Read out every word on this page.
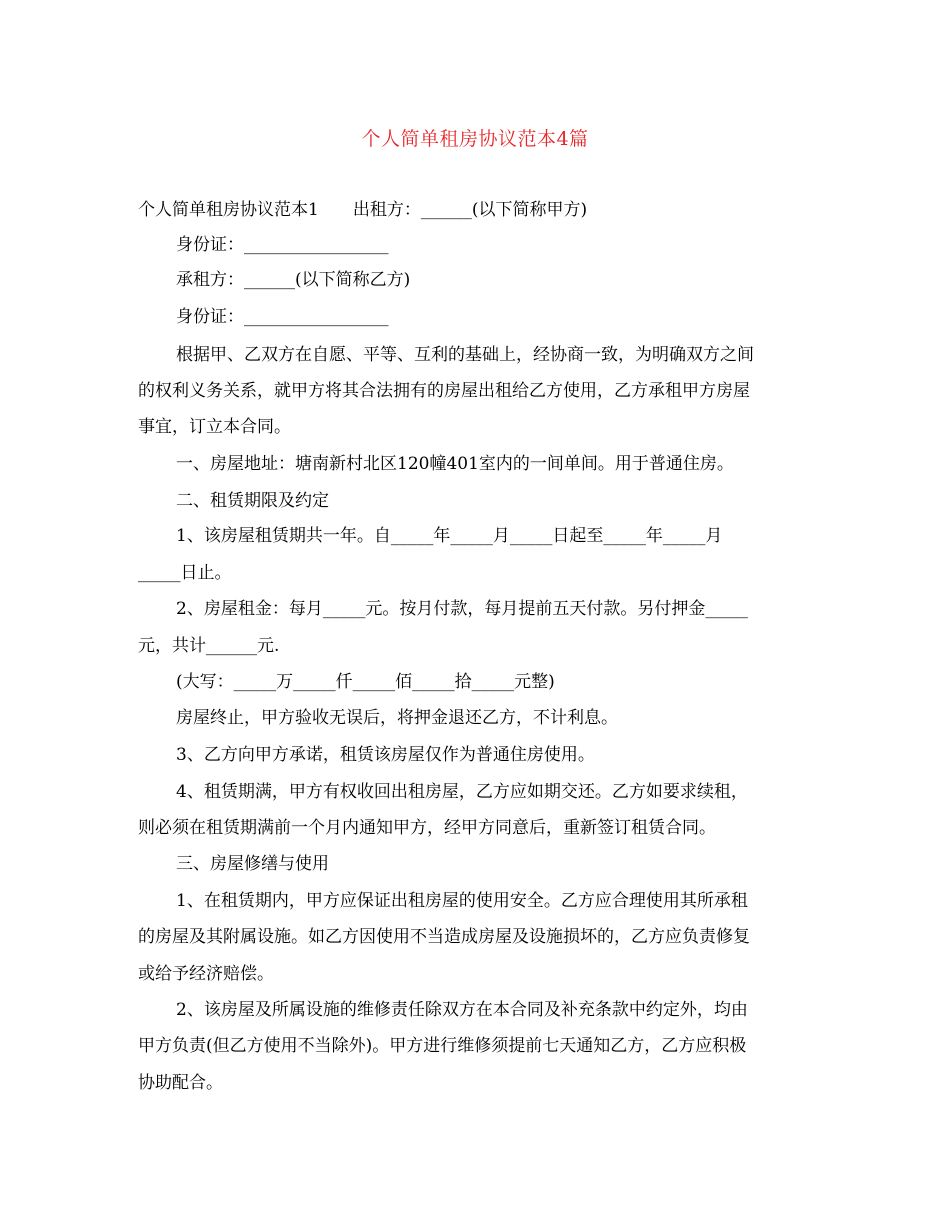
个人简单租房协议范本4篇
个人简单租房协议范本1　　出租方：______(以下简称甲方)
身份证：_________________
承租方：______(以下简称乙方)
身份证：_________________
根据甲、乙双方在自愿、平等、互利的基础上，经协商一致，为明确双方之间
的权利义务关系，就甲方将其合法拥有的房屋出租给乙方使用，乙方承租甲方房屋
事宜，订立本合同。
一、房屋地址：塘南新村北区120幢401室内的一间单间。用于普通住房。
二、租赁期限及约定
1、该房屋租赁期共一年。自_____年_____月_____日起至_____年_____月
_____日止。
2、房屋租金：每月_____元。按月付款，每月提前五天付款。另付押金_____
元，共计______元.
(大写：_____万_____仟_____佰_____拾_____元整)
房屋终止，甲方验收无误后，将押金退还乙方，不计利息。
3、乙方向甲方承诺，租赁该房屋仅作为普通住房使用。
4、租赁期满，甲方有权收回出租房屋，乙方应如期交还。乙方如要求续租，
则必须在租赁期满前一个月内通知甲方，经甲方同意后，重新签订租赁合同。
三、房屋修缮与使用
1、在租赁期内，甲方应保证出租房屋的使用安全。乙方应合理使用其所承租
的房屋及其附属设施。如乙方因使用不当造成房屋及设施损坏的，乙方应负责修复
或给予经济赔偿。
2、该房屋及所属设施的维修责任除双方在本合同及补充条款中约定外，均由
甲方负责(但乙方使用不当除外)。甲方进行维修须提前七天通知乙方，乙方应积极
协助配合。
